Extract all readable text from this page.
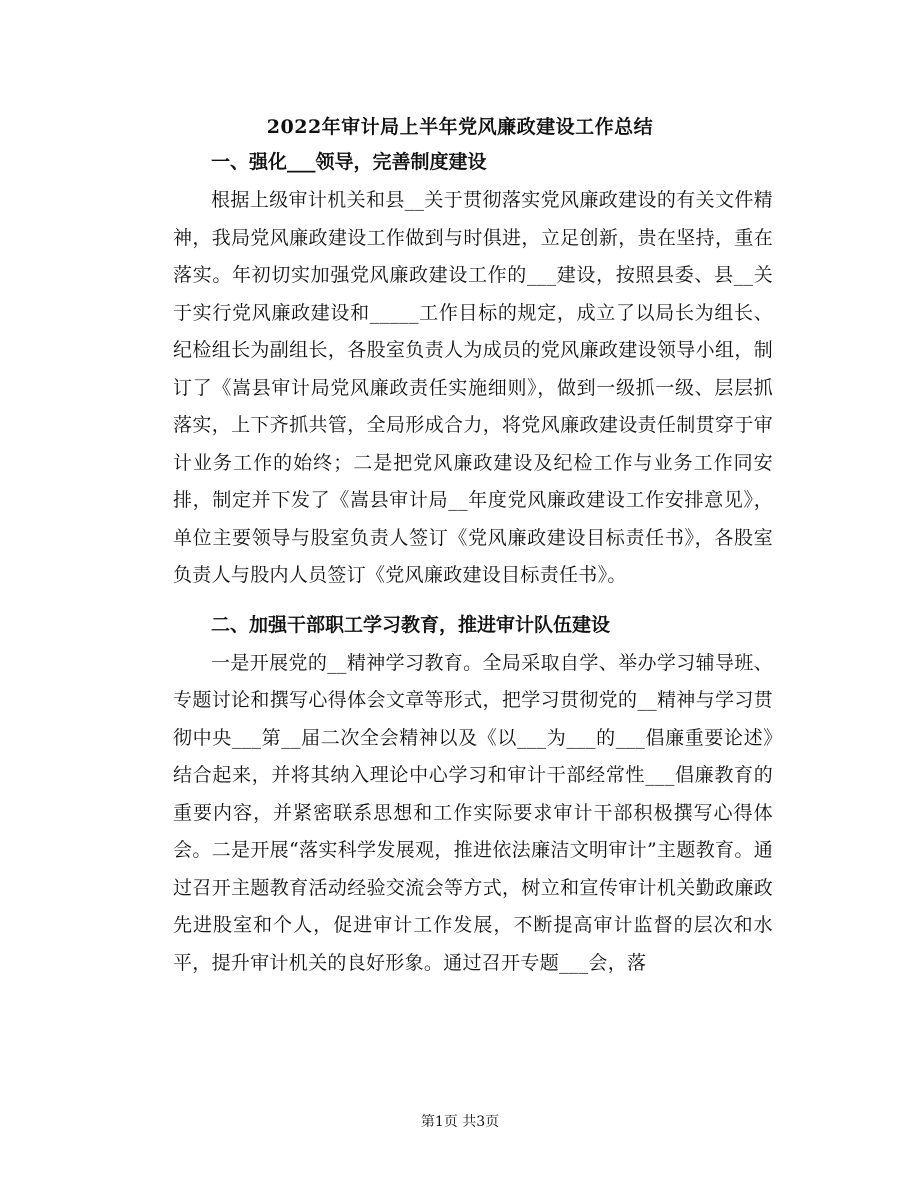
2022年审计局上半年党风廉政建设工作总结
一、强化___领导，完善制度建设
根据上级审计机关和县__关于贯彻落实党风廉政建设的有关文件精神，我局党风廉政建设工作做到与时俱进，立足创新，贵在坚持，重在落实。年初切实加强党风廉政建设工作的___建设，按照县委、县__关于实行党风廉政建设和_____工作目标的规定，成立了以局长为组长、纪检组长为副组长，各股室负责人为成员的党风廉政建设领导小组，制订了《嵩县审计局党风廉政责任实施细则》，做到一级抓一级、层层抓落实，上下齐抓共管，全局形成合力，将党风廉政建设责任制贯穿于审计业务工作的始终；二是把党风廉政建设及纪检工作与业务工作同安排，制定并下发了《嵩县审计局__年度党风廉政建设工作安排意见》，单位主要领导与股室负责人签订《党风廉政建设目标责任书》，各股室负责人与股内人员签订《党风廉政建设目标责任书》。
二、加强干部职工学习教育，推进审计队伍建设
一是开展党的__精神学习教育。全局采取自学、举办学习辅导班、专题讨论和撰写心得体会文章等形式，把学习贯彻党的__精神与学习贯彻中央___第__届二次全会精神以及《以___为___的___倡廉重要论述》结合起来，并将其纳入理论中心学习和审计干部经常性___倡廉教育的重要内容，并紧密联系思想和工作实际要求审计干部积极撰写心得体会。二是开展“落实科学发展观，推进依法廉洁文明审计”主题教育。通过召开主题教育活动经验交流会等方式，树立和宣传审计机关勤政廉政先进股室和个人，促进审计工作发展，不断提高审计监督的层次和水平，提升审计机关的良好形象。通过召开专题___会，落
第1页 共3页
